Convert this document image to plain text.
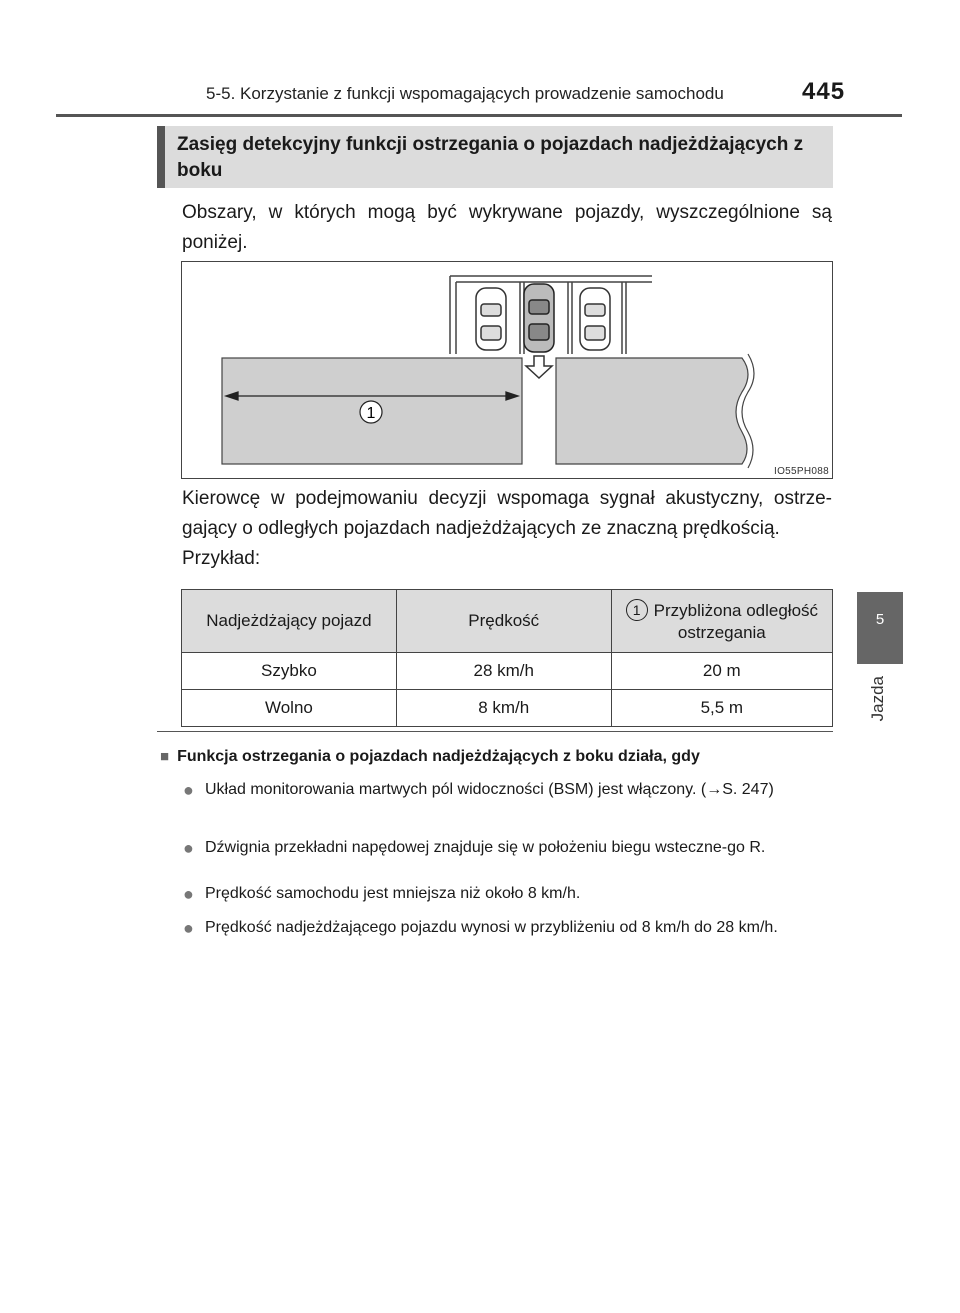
5-5. Korzystanie z funkcji wspomagających prowadzenie samochodu	445
5
Jazda
Zasięg detekcyjny funkcji ostrzegania o pojazdach nadjeżdżających z boku
Obszary, w których mogą być wykrywane pojazdy, wyszczególnione są poniżej.
1
IO55PH088
Kierowcę w podejmowaniu decyzji wspomaga sygnał akustyczny, ostrze-gający o odległych pojazdach nadjeżdżających ze znaczną prędkością.
Przykład:
Nadjeżdżający pojazd	Prędkość	1 Przybliżona odległość ostrzegania
Szybko	28 km/h	20 m
Wolno	8 km/h	5,5 m
■ Funkcja ostrzegania o pojazdach nadjeżdżających z boku działa, gdy
● Układ monitorowania martwych pól widoczności (BSM) jest włączony. (→S. 247)
● Dźwignia przekładni napędowej znajduje się w położeniu biegu wsteczne-go R.
● Prędkość samochodu jest mniejsza niż około 8 km/h.
● Prędkość nadjeżdżającego pojazdu wynosi w przybliżeniu od 8 km/h do 28 km/h.
